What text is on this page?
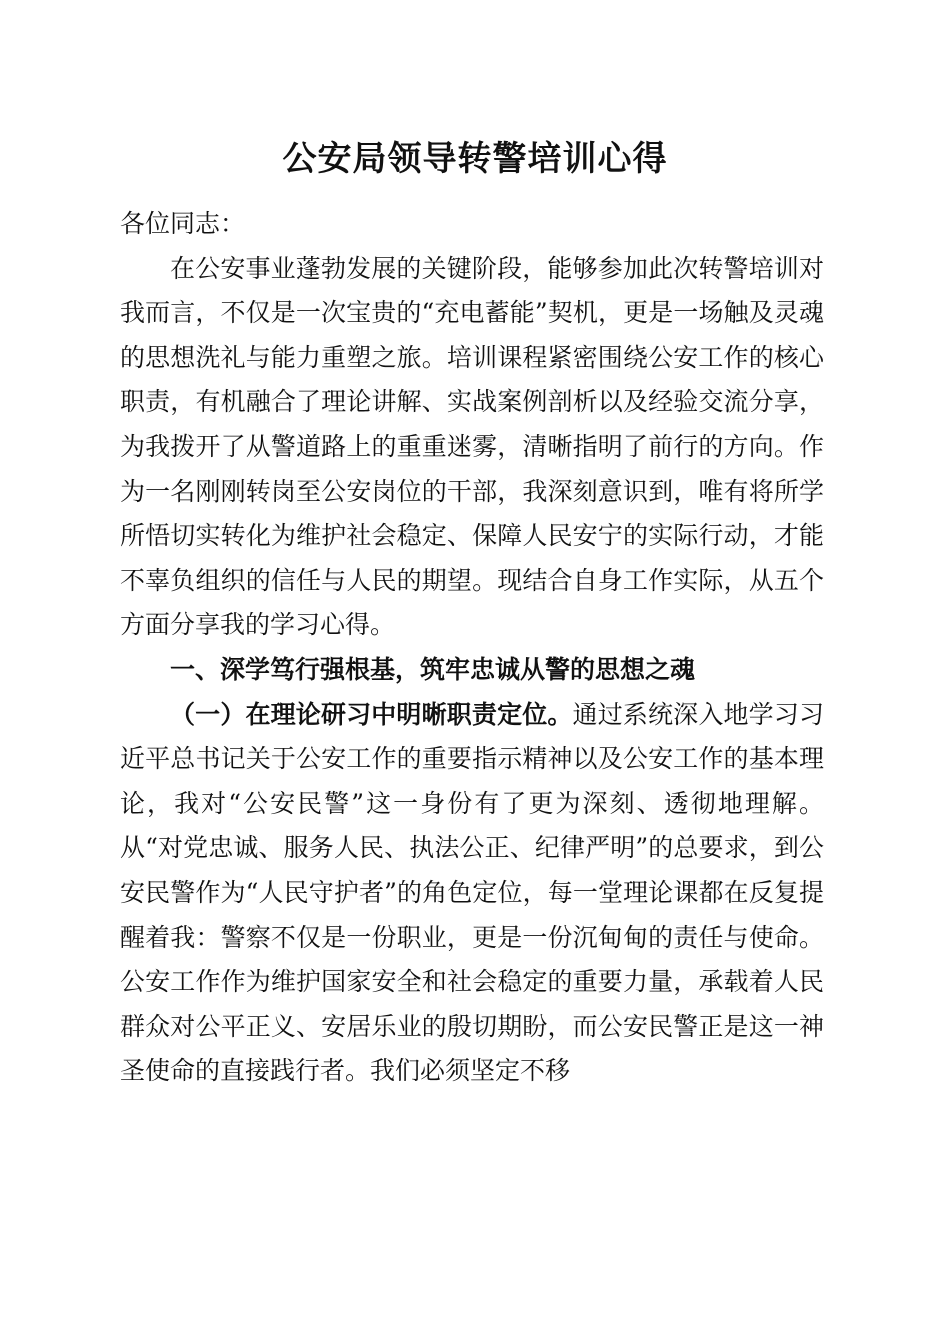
公安局领导转警培训心得

各位同志：

在公安事业蓬勃发展的关键阶段，能够参加此次转警培训对我而言，不仅是一次宝贵的“充电蓄能”契机，更是一场触及灵魂的思想洗礼与能力重塑之旅。培训课程紧密围绕公安工作的核心职责，有机融合了理论讲解、实战案例剖析以及经验交流分享，为我拨开了从警道路上的重重迷雾，清晰指明了前行的方向。作为一名刚刚转岗至公安岗位的干部，我深刻意识到，唯有将所学所悟切实转化为维护社会稳定、保障人民安宁的实际行动，才能不辜负组织的信任与人民的期望。现结合自身工作实际，从五个方面分享我的学习心得。

一、深学笃行强根基，筑牢忠诚从警的思想之魂

（一）在理论研习中明晰职责定位。通过系统深入地学习习近平总书记关于公安工作的重要指示精神以及公安工作的基本理论，我对“公安民警”这一身份有了更为深刻、透彻地理解。从“对党忠诚、服务人民、执法公正、纪律严明”的总要求，到公安民警作为“人民守护者”的角色定位，每一堂理论课都在反复提醒着我：警察不仅是一份职业，更是一份沉甸甸的责任与使命。公安工作作为维护国家安全和社会稳定的重要力量，承载着人民群众对公平正义、安居乐业的殷切期盼，而公安民警正是这一神圣使命的直接践行者。我们必须坚定不移
